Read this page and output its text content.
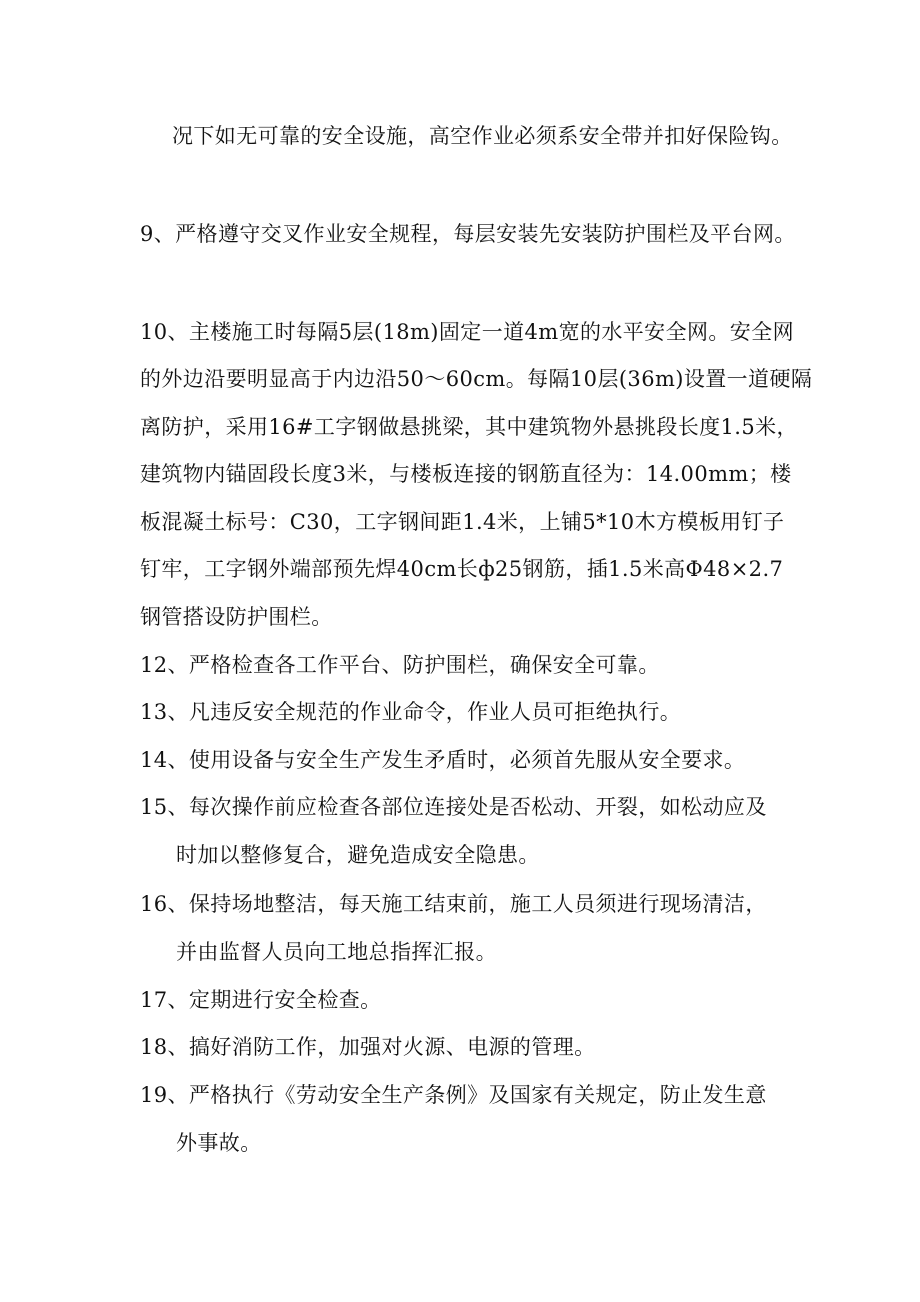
况下如无可靠的安全设施，高空作业必须系安全带并扣好保险钩。
9、严格遵守交叉作业安全规程，每层安装先安装防护围栏及平台网。
10、主楼施工时每隔5层(18m)固定一道4m宽的水平安全网。安全网
的外边沿要明显高于内边沿50～60cm。每隔10层(36m)设置一道硬隔
离防护，采用16#工字钢做悬挑梁，其中建筑物外悬挑段长度1.5米，
建筑物内锚固段长度3米，与楼板连接的钢筋直径为：14.00mm；楼
板混凝土标号：C30，工字钢间距1.4米，上铺5*10木方模板用钉子
钉牢，工字钢外端部预先焊40cm长ф25钢筋，插1.5米高Φ48×2.7
钢管搭设防护围栏。
12、严格检查各工作平台、防护围栏，确保安全可靠。
13、凡违反安全规范的作业命令，作业人员可拒绝执行。
14、使用设备与安全生产发生矛盾时，必须首先服从安全要求。
15、每次操作前应检查各部位连接处是否松动、开裂，如松动应及
时加以整修复合，避免造成安全隐患。
16、保持场地整洁，每天施工结束前，施工人员须进行现场清洁，
并由监督人员向工地总指挥汇报。
17、定期进行安全检查。
18、搞好消防工作，加强对火源、电源的管理。
19、严格执行《劳动安全生产条例》及国家有关规定，防止发生意
外事故。
